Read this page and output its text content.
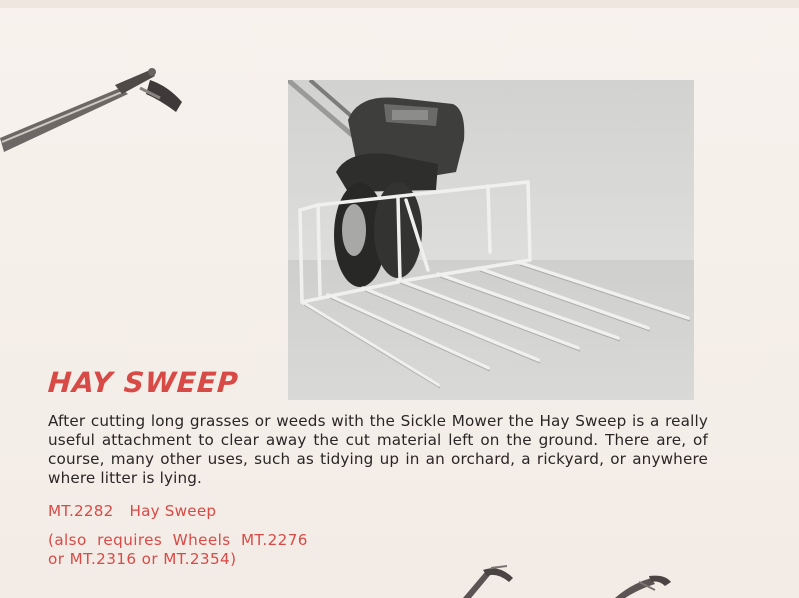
HAY SWEEP
After cutting long grasses or weeds with the Sickle Mower the Hay Sweep is a really useful attachment to clear away the cut material left on the ground. There are, of course, many other uses, such as tidying up in an orchard, a rickyard, or anywhere where litter is lying.
MT.2282 Hay Sweep
(also  requires  Wheels  MT.2276
or MT.2316 or MT.2354)
